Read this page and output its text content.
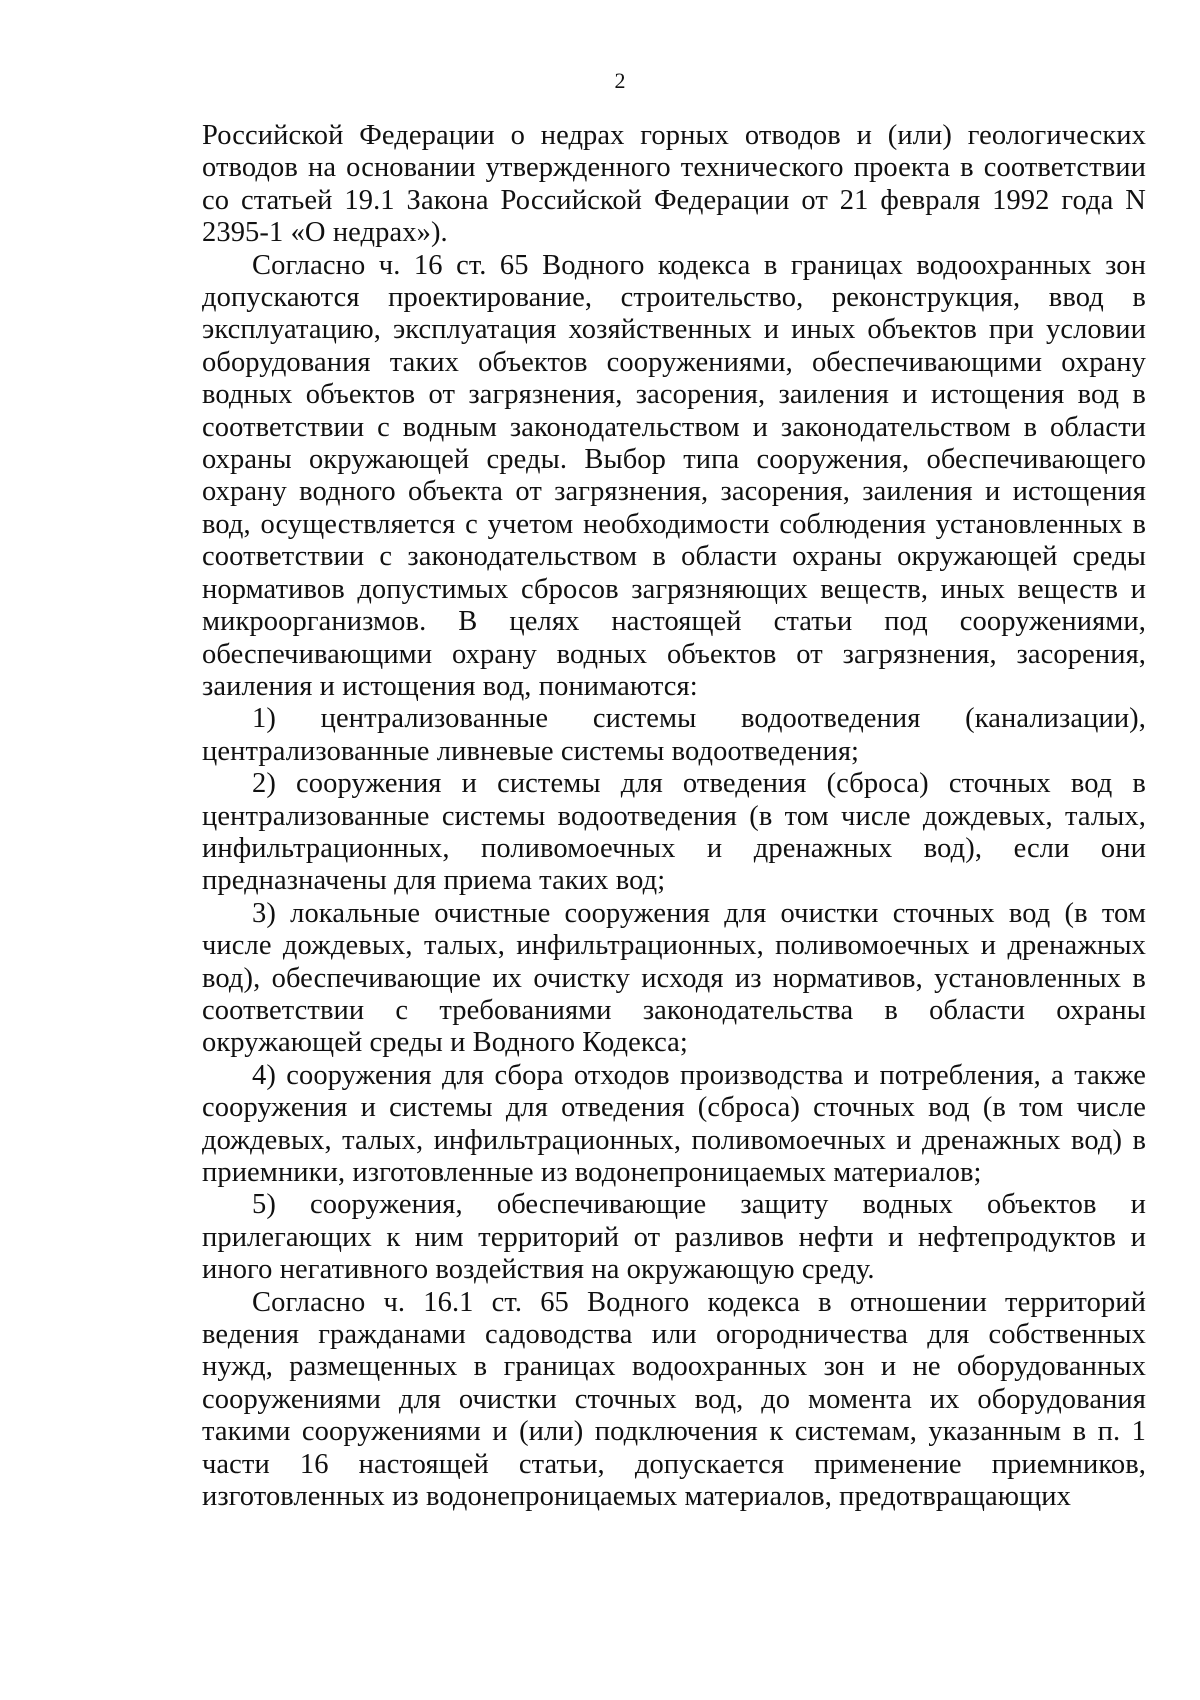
2

Российской Федерации о недрах горных отводов и (или) геологических отводов на основании утвержденного технического проекта в соответствии со статьей 19.1 Закона Российской Федерации от 21 февраля 1992 года N 2395-1 «О недрах»).

Согласно ч. 16 ст. 65 Водного кодекса в границах водоохранных зон допускаются проектирование, строительство, реконструкция, ввод в эксплуатацию, эксплуатация хозяйственных и иных объектов при условии оборудования таких объектов сооружениями, обеспечивающими охрану водных объектов от загрязнения, засорения, заиления и истощения вод в соответствии с водным законодательством и законодательством в области охраны окружающей среды. Выбор типа сооружения, обеспечивающего охрану водного объекта от загрязнения, засорения, заиления и истощения вод, осуществляется с учетом необходимости соблюдения установленных в соответствии с законодательством в области охраны окружающей среды нормативов допустимых сбросов загрязняющих веществ, иных веществ и микроорганизмов. В целях настоящей статьи под сооружениями, обеспечивающими охрану водных объектов от загрязнения, засорения, заиления и истощения вод, понимаются:

1) централизованные системы водоотведения (канализации), централизованные ливневые системы водоотведения;

2) сооружения и системы для отведения (сброса) сточных вод в централизованные системы водоотведения (в том числе дождевых, талых, инфильтрационных, поливомоечных и дренажных вод), если они предназначены для приема таких вод;

3) локальные очистные сооружения для очистки сточных вод (в том числе дождевых, талых, инфильтрационных, поливомоечных и дренажных вод), обеспечивающие их очистку исходя из нормативов, установленных в соответствии с требованиями законодательства в области охраны окружающей среды и Водного Кодекса;

4) сооружения для сбора отходов производства и потребления, а также сооружения и системы для отведения (сброса) сточных вод (в том числе дождевых, талых, инфильтрационных, поливомоечных и дренажных вод) в приемники, изготовленные из водонепроницаемых материалов;

5) сооружения, обеспечивающие защиту водных объектов и прилегающих к ним территорий от разливов нефти и нефтепродуктов и иного негативного воздействия на окружающую среду.

Согласно ч. 16.1 ст. 65 Водного кодекса в отношении территорий ведения гражданами садоводства или огородничества для собственных нужд, размещенных в границах водоохранных зон и не оборудованных сооружениями для очистки сточных вод, до момента их оборудования такими сооружениями и (или) подключения к системам, указанным в п. 1 части 16 настоящей статьи, допускается применение приемников, изготовленных из водонепроницаемых материалов, предотвращающих
